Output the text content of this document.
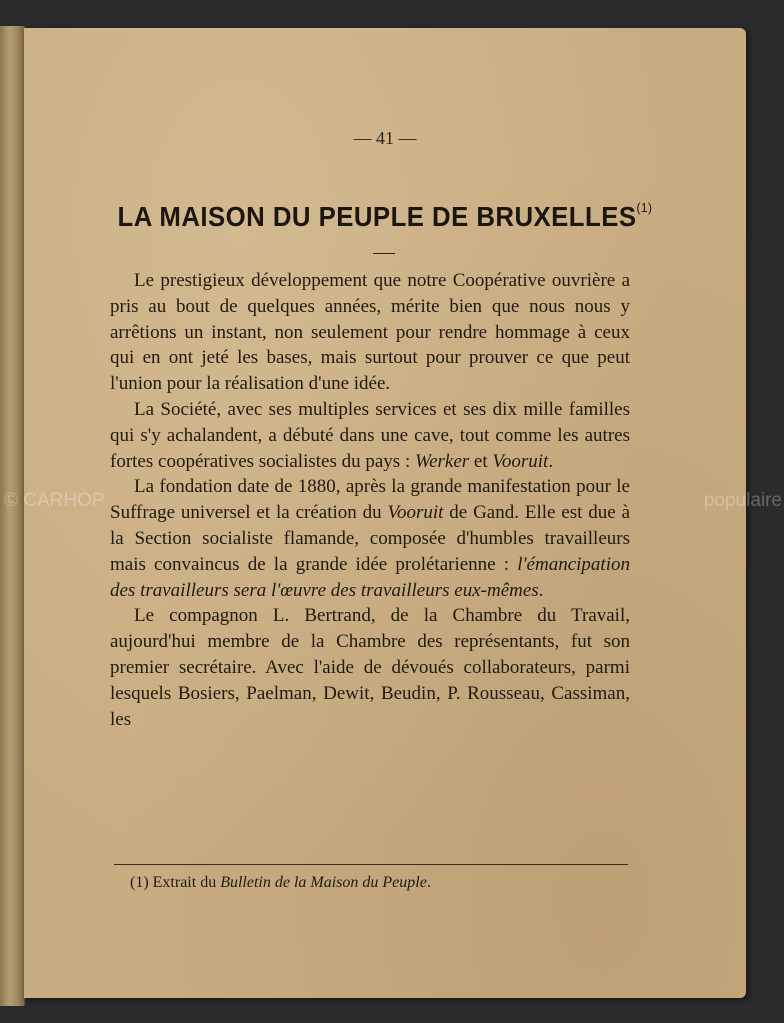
— 41 —
LA MAISON DU PEUPLE DE BRUXELLES$^{(1)}$

Le prestigieux développement que notre Coopérative ouvrière a pris au bout de quelques années, mérite bien que nous nous y arrêtions un instant, non seulement pour rendre hommage à ceux qui en ont jeté les bases, mais surtout pour prouver ce que peut l'union pour la réalisation d'une idée.

La Société, avec ses multiples services et ses dix mille familles qui s'y achalandent, a débuté dans une cave, tout comme les autres fortes coopératives socialistes du pays : Werker et Vooruit.

La fondation date de 1880, après la grande manifestation pour le Suffrage universel et la création du Vooruit de Gand. Elle est due à la Section socialiste flamande, composée d'humbles travailleurs mais convaincus de la grande idée prolétarienne : l'émancipation des travailleurs sera l'œuvre des travailleurs eux-mêmes.

Le compagnon L. Bertrand, de la Chambre du Travail, aujourd'hui membre de la Chambre des représentants, fut son premier secrétaire. Avec l'aide de dévoués collaborateurs, parmi lesquels Bosiers, Paelman, Dewit, Beudin, P. Rousseau, Cassiman, les

(1) Extrait du Bulletin de la Maison du Peuple.
© CARHOP	populaire
